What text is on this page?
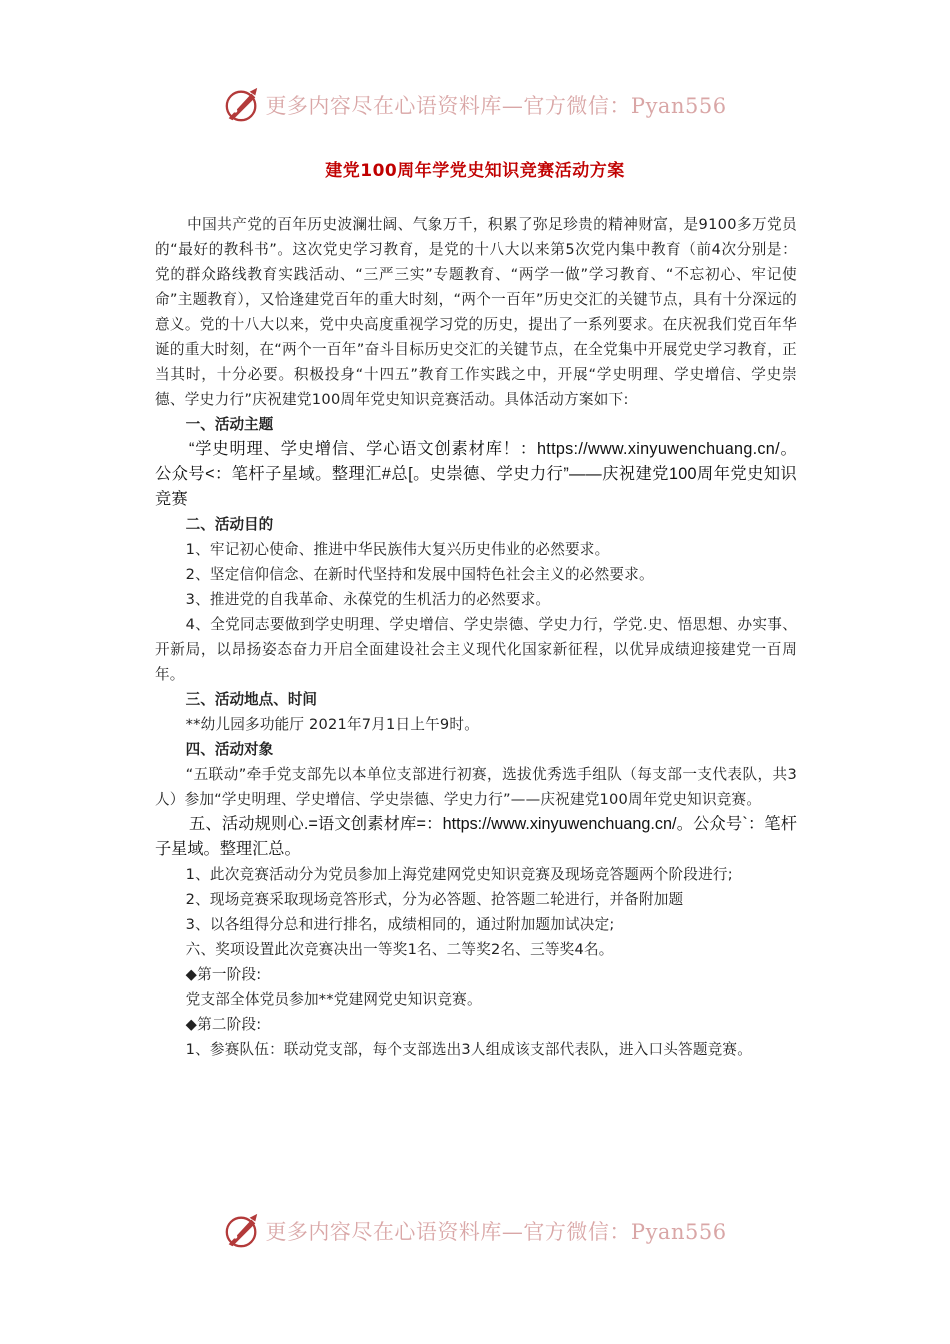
更多内容尽在心语资料库—官方微信：Pyan556
建党100周年学党史知识竞赛活动方案

中国共产党的百年历史波澜壮阔、气象万千，积累了弥足珍贵的精神财富，是9100多万党员的“最好的教科书”。这次党史学习教育，是党的十八大以来第5次党内集中教育（前4次分别是：党的群众路线教育实践活动、“三严三实”专题教育、“两学一做”学习教育、“不忘初心、牢记使命”主题教育），又恰逢建党百年的重大时刻，“两个一百年”历史交汇的关键节点，具有十分深远的意义。党的十八大以来，党中央高度重视学习党的历史，提出了一系列要求。在庆祝我们党百年华诞的重大时刻，在“两个一百年”奋斗目标历史交汇的关键节点，在全党集中开展党史学习教育，正当其时，十分必要。积极投身“十四五”教育工作实践之中，开展“学史明理、学史增信、学史崇德、学史力行”庆祝建党100周年党史知识竞赛活动。具体活动方案如下:

一、活动主题

“学史明理、学史增信、学心语文创素材库！：https://www.xinyuwenchuang.cn/。公众号<：笔杆子星域。整理汇#总[。史崇德、学史力行”——庆祝建党100周年党史知识竞赛

二、活动目的

1、牢记初心使命、推进中华民族伟大复兴历史伟业的必然要求。

2、坚定信仰信念、在新时代坚持和发展中国特色社会主义的必然要求。

3、推进党的自我革命、永葆党的生机活力的必然要求。

4、全党同志要做到学史明理、学史增信、学史崇德、学史力行，学党.史、悟思想、办实事、开新局，以昂扬姿态奋力开启全面建设社会主义现代化国家新征程，以优异成绩迎接建党一百周年。

三、活动地点、时间

**幼儿园多功能厅 2021年7月1日上午9时。

四、活动对象

“五联动”牵手党支部先以本单位支部进行初赛，选拔优秀选手组队（每支部一支代表队，共3人）参加“学史明理、学史增信、学史崇德、学史力行”——庆祝建党100周年党史知识竞赛。

五、活动规则心.=语文创素材库=：https://www.xinyuwenchuang.cn/。公众号`：笔杆子星域。整理汇总。

1、此次竞赛活动分为党员参加上海党建网党史知识竞赛及现场竞答题两个阶段进行;

2、现场竞赛采取现场竞答形式，分为必答题、抢答题二轮进行，并备附加题

3、以各组得分总和进行排名，成绩相同的，通过附加题加试决定;

六、奖项设置此次竞赛决出一等奖1名、二等奖2名、三等奖4名。

◆第一阶段:

党支部全体党员参加**党建网党史知识竞赛。

◆第二阶段:

1、参赛队伍：联动党支部，每个支部选出3人组成该支部代表队，进入口头答题竞赛。

更多内容尽在心语资料库—官方微信：Pyan556
